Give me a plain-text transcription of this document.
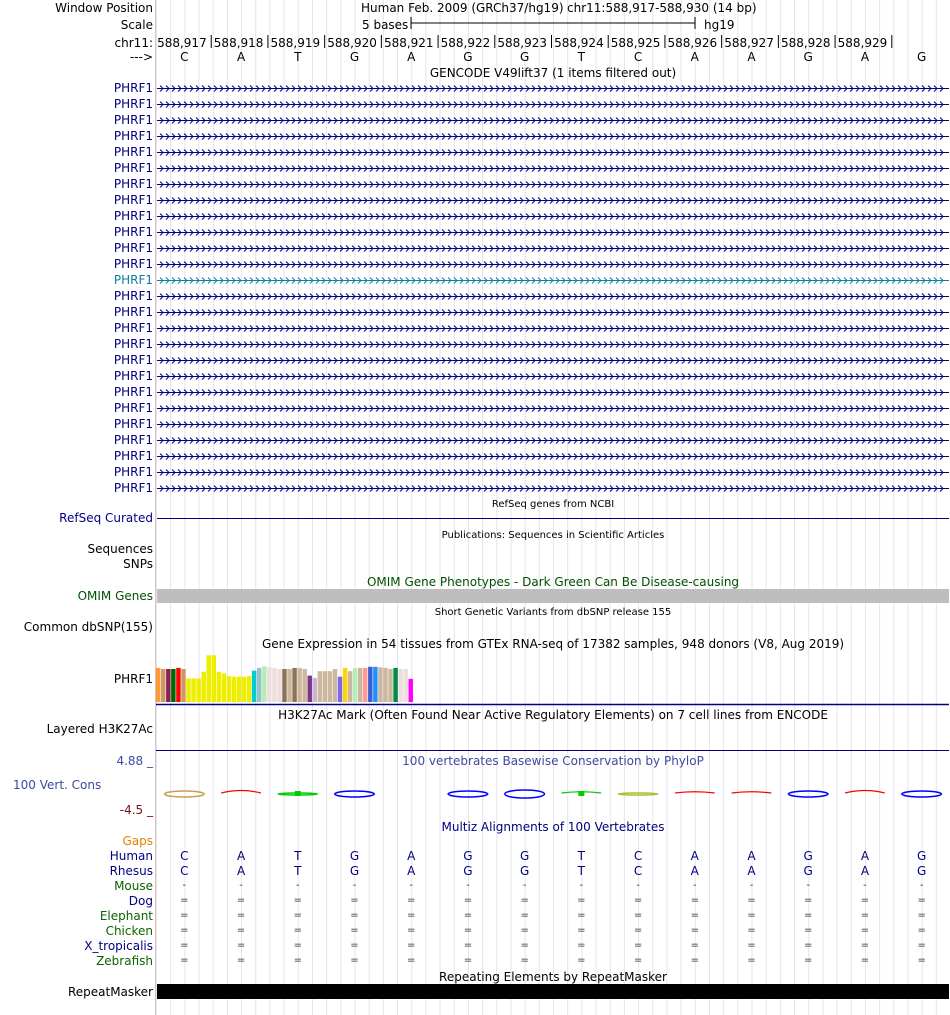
Window Position	Human Feb. 2009 (GRCh37/hg19) chr11:588,917-588,930 (14 bp)
Scale	5 bases	hg19
chr11:
--->
588,917 588,918 588,919 588,920 588,921 588,922 588,923 588,924 588,925 588,926 588,927 588,928 588,929
C	A	T	G	A	G	G	T	C	A	A	G	A	G
GENCODE V49lift37 (1 items filtered out)
PHRF1
PHRF1
PHRF1
PHRF1
PHRF1
PHRF1
PHRF1
PHRF1
PHRF1
PHRF1
PHRF1
PHRF1
PHRF1
PHRF1
PHRF1
PHRF1
PHRF1
PHRF1
PHRF1
PHRF1
PHRF1
PHRF1
PHRF1
PHRF1
PHRF1
PHRF1
RefSeq genes from NCBI
RefSeq Curated
Publications: Sequences in Scientific Articles
Sequences
SNPs
OMIM Gene Phenotypes - Dark Green Can Be Disease-causing
OMIM Genes
Short Genetic Variants from dbSNP release 155
Common dbSNP(155)
Gene Expression in 54 tissues from GTEx RNA-seq of 17382 samples, 948 donors (V8, Aug 2019)
PHRF1
H3K27Ac Mark (Often Found Near Active Regulatory Elements) on 7 cell lines from ENCODE
Layered H3K27Ac
100 vertebrates Basewise Conservation by PhyloP
4.88 _
100 Vert. Cons
-4.5 _
Multiz Alignments of 100 Vertebrates
Gaps
Human	C	A	T	G	A	G	G	T	C	A	A	G	A	G
Rhesus	C	A	T	G	A	G	G	T	C	A	A	G	A	G
Mouse	-	-	-	-	-	-	-	-	-	-	-	-	-	-
Dog	=	=	=	=	=	=	=	=	=	=	=	=	=	=
Elephant	=	=	=	=	=	=	=	=	=	=	=	=	=	=
Chicken	=	=	=	=	=	=	=	=	=	=	=	=	=	=
X_tropicalis	=	=	=	=	=	=	=	=	=	=	=	=	=	=
Zebrafish	=	=	=	=	=	=	=	=	=	=	=	=	=	=
Repeating Elements by RepeatMasker
RepeatMasker
